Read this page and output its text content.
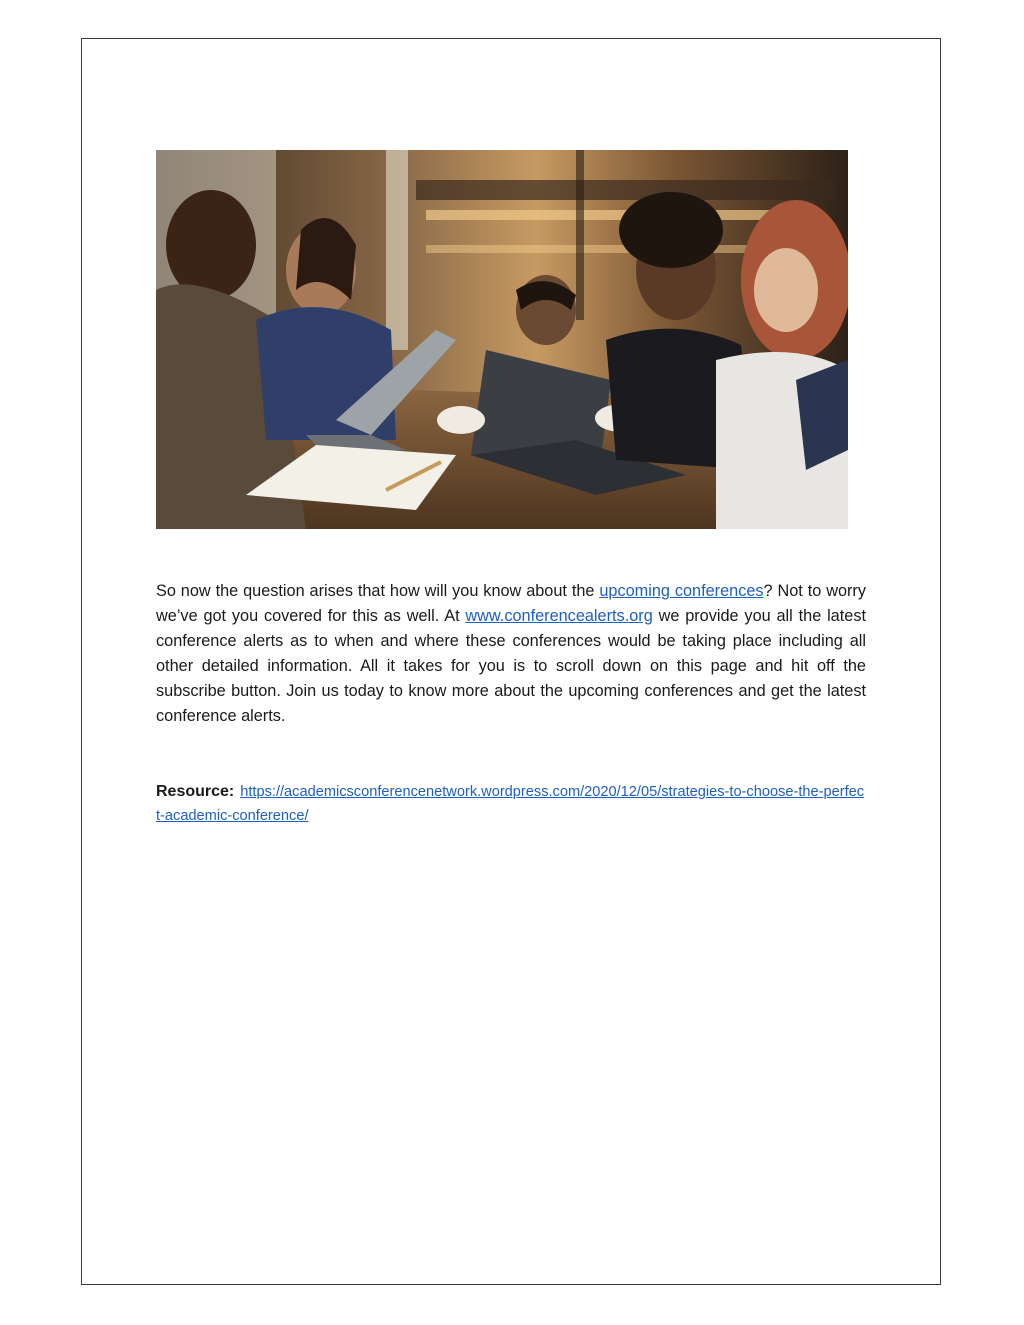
So now the question arises that how will you know about the upcoming conferences? Not to worry we’ve got you covered for this as well. At www.conferencealerts.org we provide you all the latest conference alerts as to when and where these conferences would be taking place including all other detailed information. All it takes for you is to scroll down on this page and hit off the subscribe button. Join us today to know more about the upcoming conferences and get the latest conference alerts.

Resource: https://academicsconferencenetwork.wordpress.com/2020/12/05/strategies-to-choose-the-perfect-academic-conference/
